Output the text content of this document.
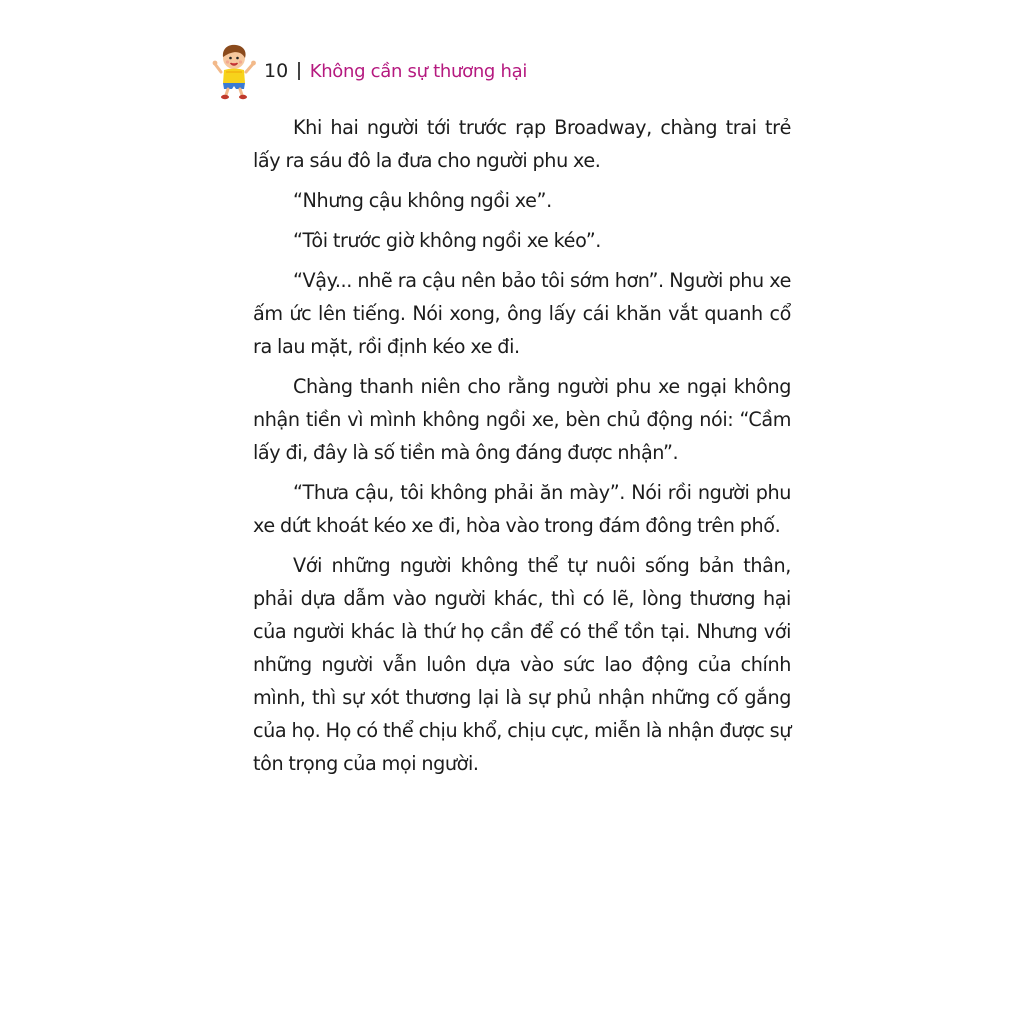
10 Không cần sự thương hại

Khi hai người tới trước rạp Broadway, chàng trai trẻ lấy ra sáu đô la đưa cho người phu xe.

“Nhưng cậu không ngồi xe”.

“Tôi trước giờ không ngồi xe kéo”.

“Vậy... nhẽ ra cậu nên bảo tôi sớm hơn”. Người phu xe ấm ức lên tiếng. Nói xong, ông lấy cái khăn vắt quanh cổ ra lau mặt, rồi định kéo xe đi.

Chàng thanh niên cho rằng người phu xe ngại không nhận tiền vì mình không ngồi xe, bèn chủ động nói: “Cầm lấy đi, đây là số tiền mà ông đáng được nhận”.

“Thưa cậu, tôi không phải ăn mày”. Nói rồi người phu xe dứt khoát kéo xe đi, hòa vào trong đám đông trên phố.

Với những người không thể tự nuôi sống bản thân, phải dựa dẫm vào người khác, thì có lẽ, lòng thương hại của người khác là thứ họ cần để có thể tồn tại. Nhưng với những người vẫn luôn dựa vào sức lao động của chính mình, thì sự xót thương lại là sự phủ nhận những cố gắng của họ. Họ có thể chịu khổ, chịu cực, miễn là nhận được sự tôn trọng của mọi người.
